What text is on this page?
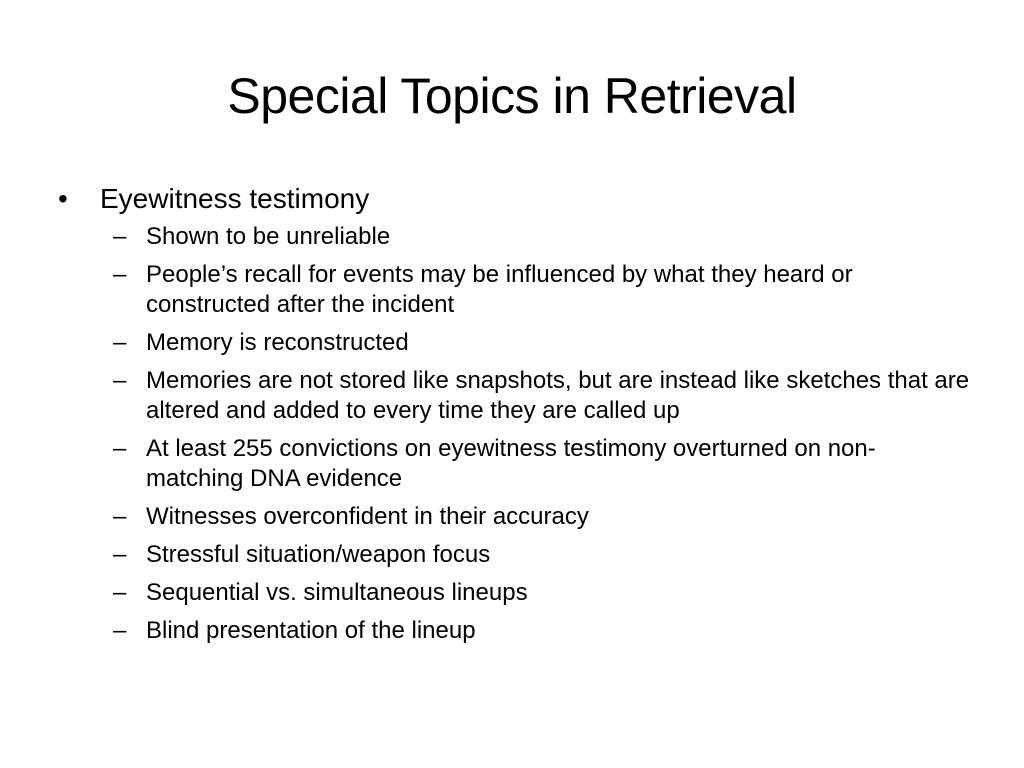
Special Topics in Retrieval
•	Eyewitness testimony
– Shown to be unreliable
– People’s recall for events may be influenced by what they heard or constructed after the incident
– Memory is reconstructed
– Memories are not stored like snapshots, but are instead like sketches that are altered and added to every time they are called up
– At least 255 convictions on eyewitness testimony overturned on non-matching DNA evidence
– Witnesses overconfident in their accuracy
– Stressful situation/weapon focus
– Sequential vs. simultaneous lineups
– Blind presentation of the lineup
